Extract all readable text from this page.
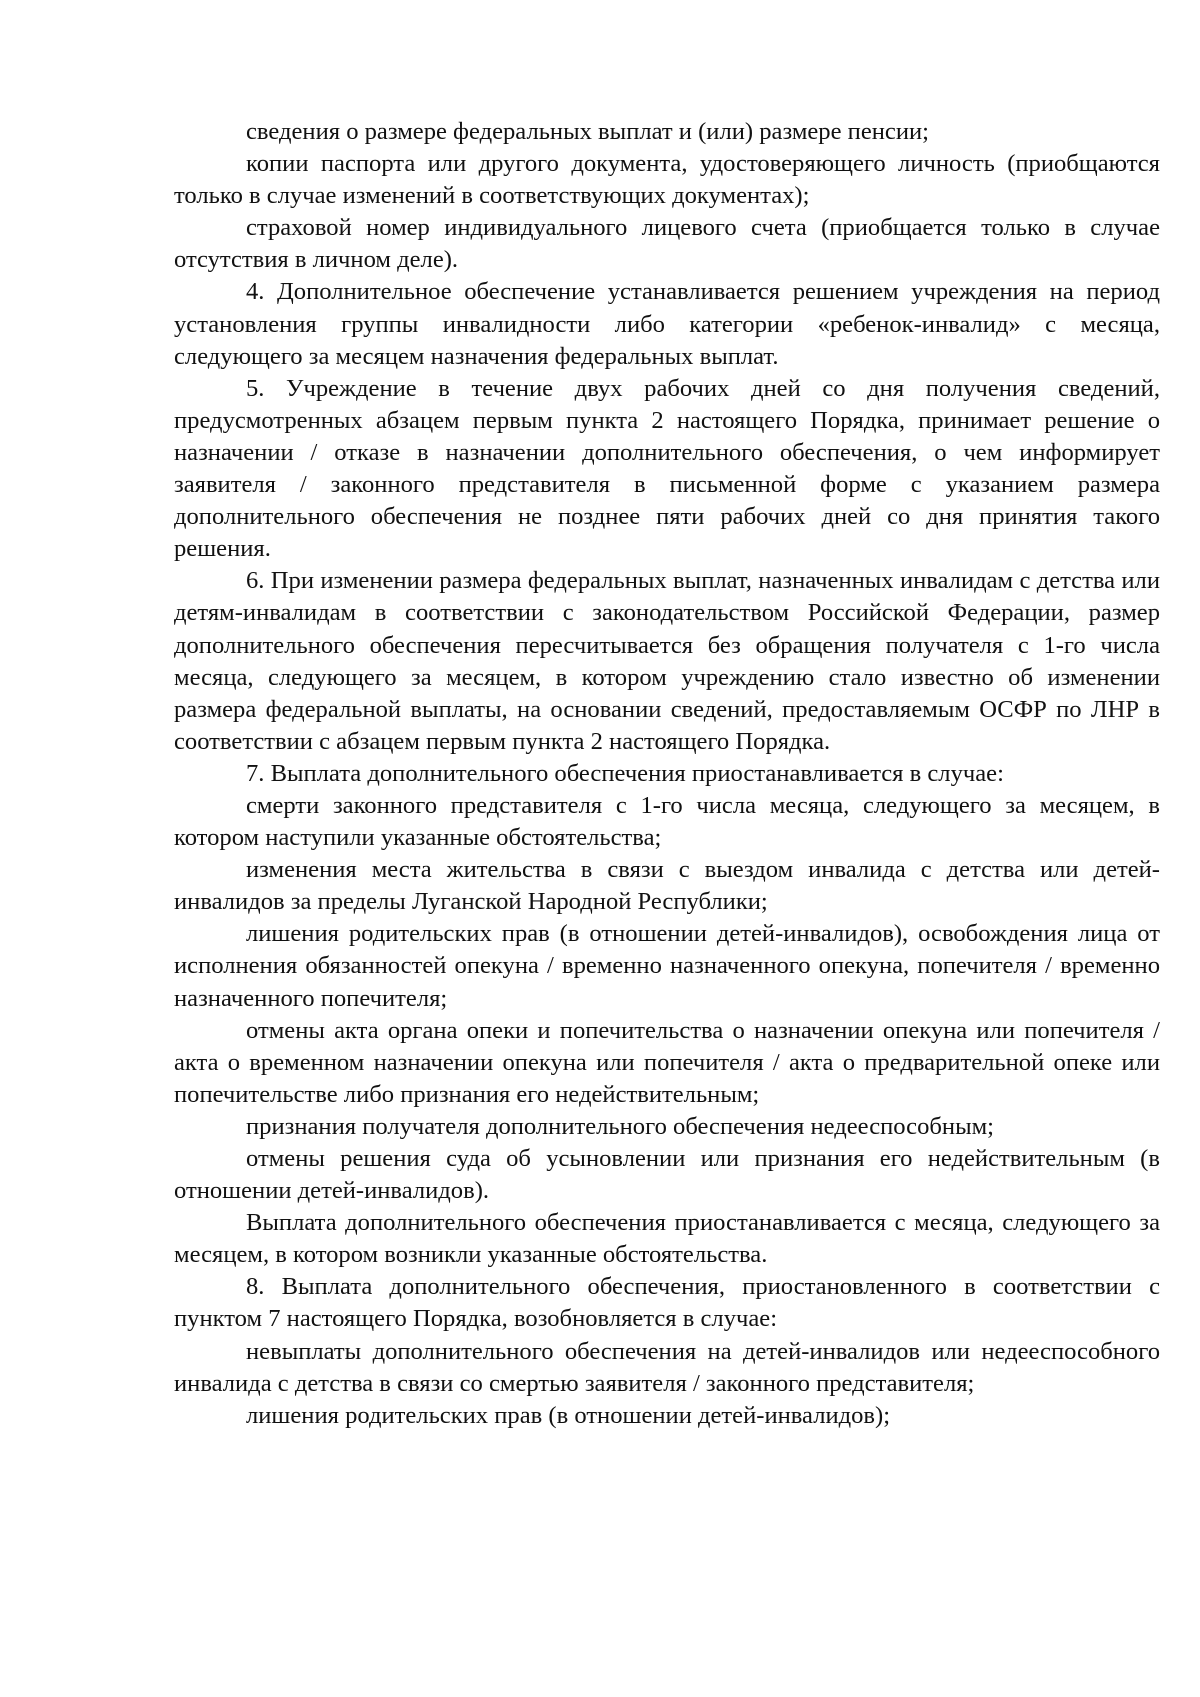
сведения о размере федеральных выплат и (или) размере пенсии;

копии паспорта или другого документа, удостоверяющего личность (приобщаются только в случае изменений в соответствующих документах);

страховой номер индивидуального лицевого счета (приобщается только в случае отсутствия в личном деле).

4. Дополнительное обеспечение устанавливается решением учреждения на период установления группы инвалидности либо категории «ребенок-инвалид» с месяца, следующего за месяцем назначения федеральных выплат.

5. Учреждение в течение двух рабочих дней со дня получения сведений, предусмотренных абзацем первым пункта 2 настоящего Порядка, принимает решение о назначении / отказе в назначении дополнительного обеспечения, о чем информирует заявителя / законного представителя в письменной форме с указанием размера дополнительного обеспечения не позднее пяти рабочих дней со дня принятия такого решения.

6. При изменении размера федеральных выплат, назначенных инвалидам с детства или детям-инвалидам в соответствии с законодательством Российской Федерации, размер дополнительного обеспечения пересчитывается без обращения получателя с 1-го числа месяца, следующего за месяцем, в котором учреждению стало известно об изменении размера федеральной выплаты, на основании сведений, предоставляемым ОСФР по ЛНР в соответствии с абзацем первым пункта 2 настоящего Порядка.

7. Выплата дополнительного обеспечения приостанавливается в случае:

смерти законного представителя с 1-го числа месяца, следующего за месяцем, в котором наступили указанные обстоятельства;

изменения места жительства в связи с выездом инвалида с детства или детей-инвалидов за пределы Луганской Народной Республики;

лишения родительских прав (в отношении детей-инвалидов), освобождения лица от исполнения обязанностей опекуна / временно назначенного опекуна, попечителя / временно назначенного попечителя;

отмены акта органа опеки и попечительства о назначении опекуна или попечителя / акта о временном назначении опекуна или попечителя / акта о предварительной опеке или попечительстве либо признания его недействительным;

признания получателя дополнительного обеспечения недееспособным;

отмены решения суда об усыновлении или признания его недействительным (в отношении детей-инвалидов).

Выплата дополнительного обеспечения приостанавливается с месяца, следующего за месяцем, в котором возникли указанные обстоятельства.

8. Выплата дополнительного обеспечения, приостановленного в соответствии с пунктом 7 настоящего Порядка, возобновляется в случае:

невыплаты дополнительного обеспечения на детей-инвалидов или недееспособного инвалида с детства в связи со смертью заявителя / законного представителя;

лишения родительских прав (в отношении детей-инвалидов);
